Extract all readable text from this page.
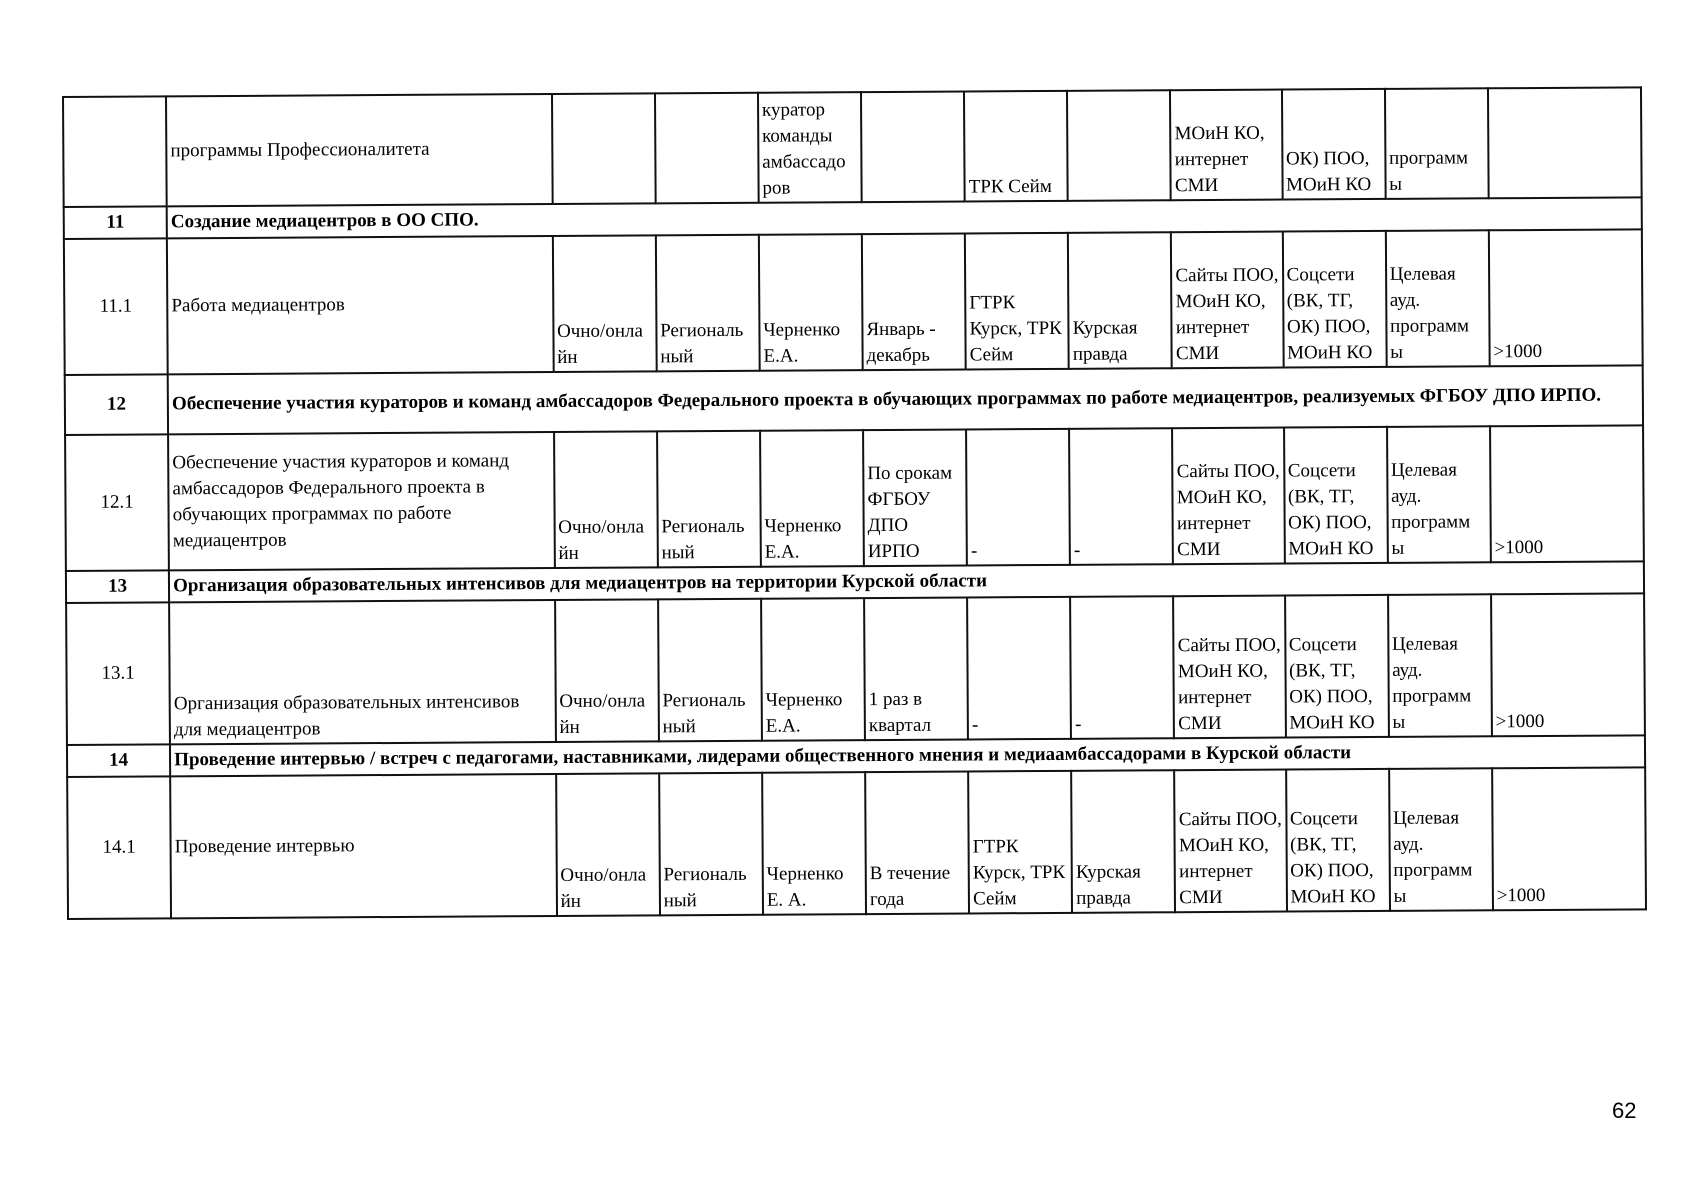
	программы Профессионалитета			куратор команды амбассадо ров		ТРК Сейм		МОиН КО, интернет СМИ	ОК) ПОО, МОиН КО	программ ы	
11	Создание медиацентров в ОО СПО.										
11.1	Работа медиацентров	Очно/онла йн	Региональ ный	Черненко Е.А.	Январь - декабрь	ГТРК Курск, ТРК Сейм	Курская правда	Сайты ПОО, МОиН КО, интернет СМИ	Соцсети (ВК, ТГ, ОК) ПОО, МОиН КО	Целевая ауд. программ ы	>1000
12	Обеспечение участия кураторов и команд амбассадоров Федерального проекта в обучающих программах по работе медиацентров, реализуемых ФГБОУ ДПО ИРПО.										
12.1	Обеспечение участия кураторов и команд амбассадоров Федерального проекта в обучающих программах по работе медиацентров	Очно/онла йн	Региональ ный	Черненко Е.А.	По срокам ФГБОУ ДПО ИРПО	-	-	Сайты ПОО, МОиН КО, интернет СМИ	Соцсети (ВК, ТГ, ОК) ПОО, МОиН КО	Целевая ауд. программ ы	>1000
13	Организация образовательных интенсивов для медиацентров на территории Курской области										
13.1	Организация образовательных интенсивов для медиацентров	Очно/онла йн	Региональ ный	Черненко Е.А.	1 раз в квартал	-	-	Сайты ПОО, МОиН КО, интернет СМИ	Соцсети (ВК, ТГ, ОК) ПОО, МОиН КО	Целевая ауд. программ ы	>1000
14	Проведение интервью / встреч с педагогами, наставниками, лидерами общественного мнения и медиаамбассадорами в Курской области										
14.1	Проведение интервью	Очно/онла йн	Региональ ный	Черненко Е. А.	В течение года	ГТРК Курск, ТРК Сейм	Курская правда	Сайты ПОО, МОиН КО, интернет СМИ	Соцсети (ВК, ТГ, ОК) ПОО, МОиН КО	Целевая ауд. программ ы	>1000
62
